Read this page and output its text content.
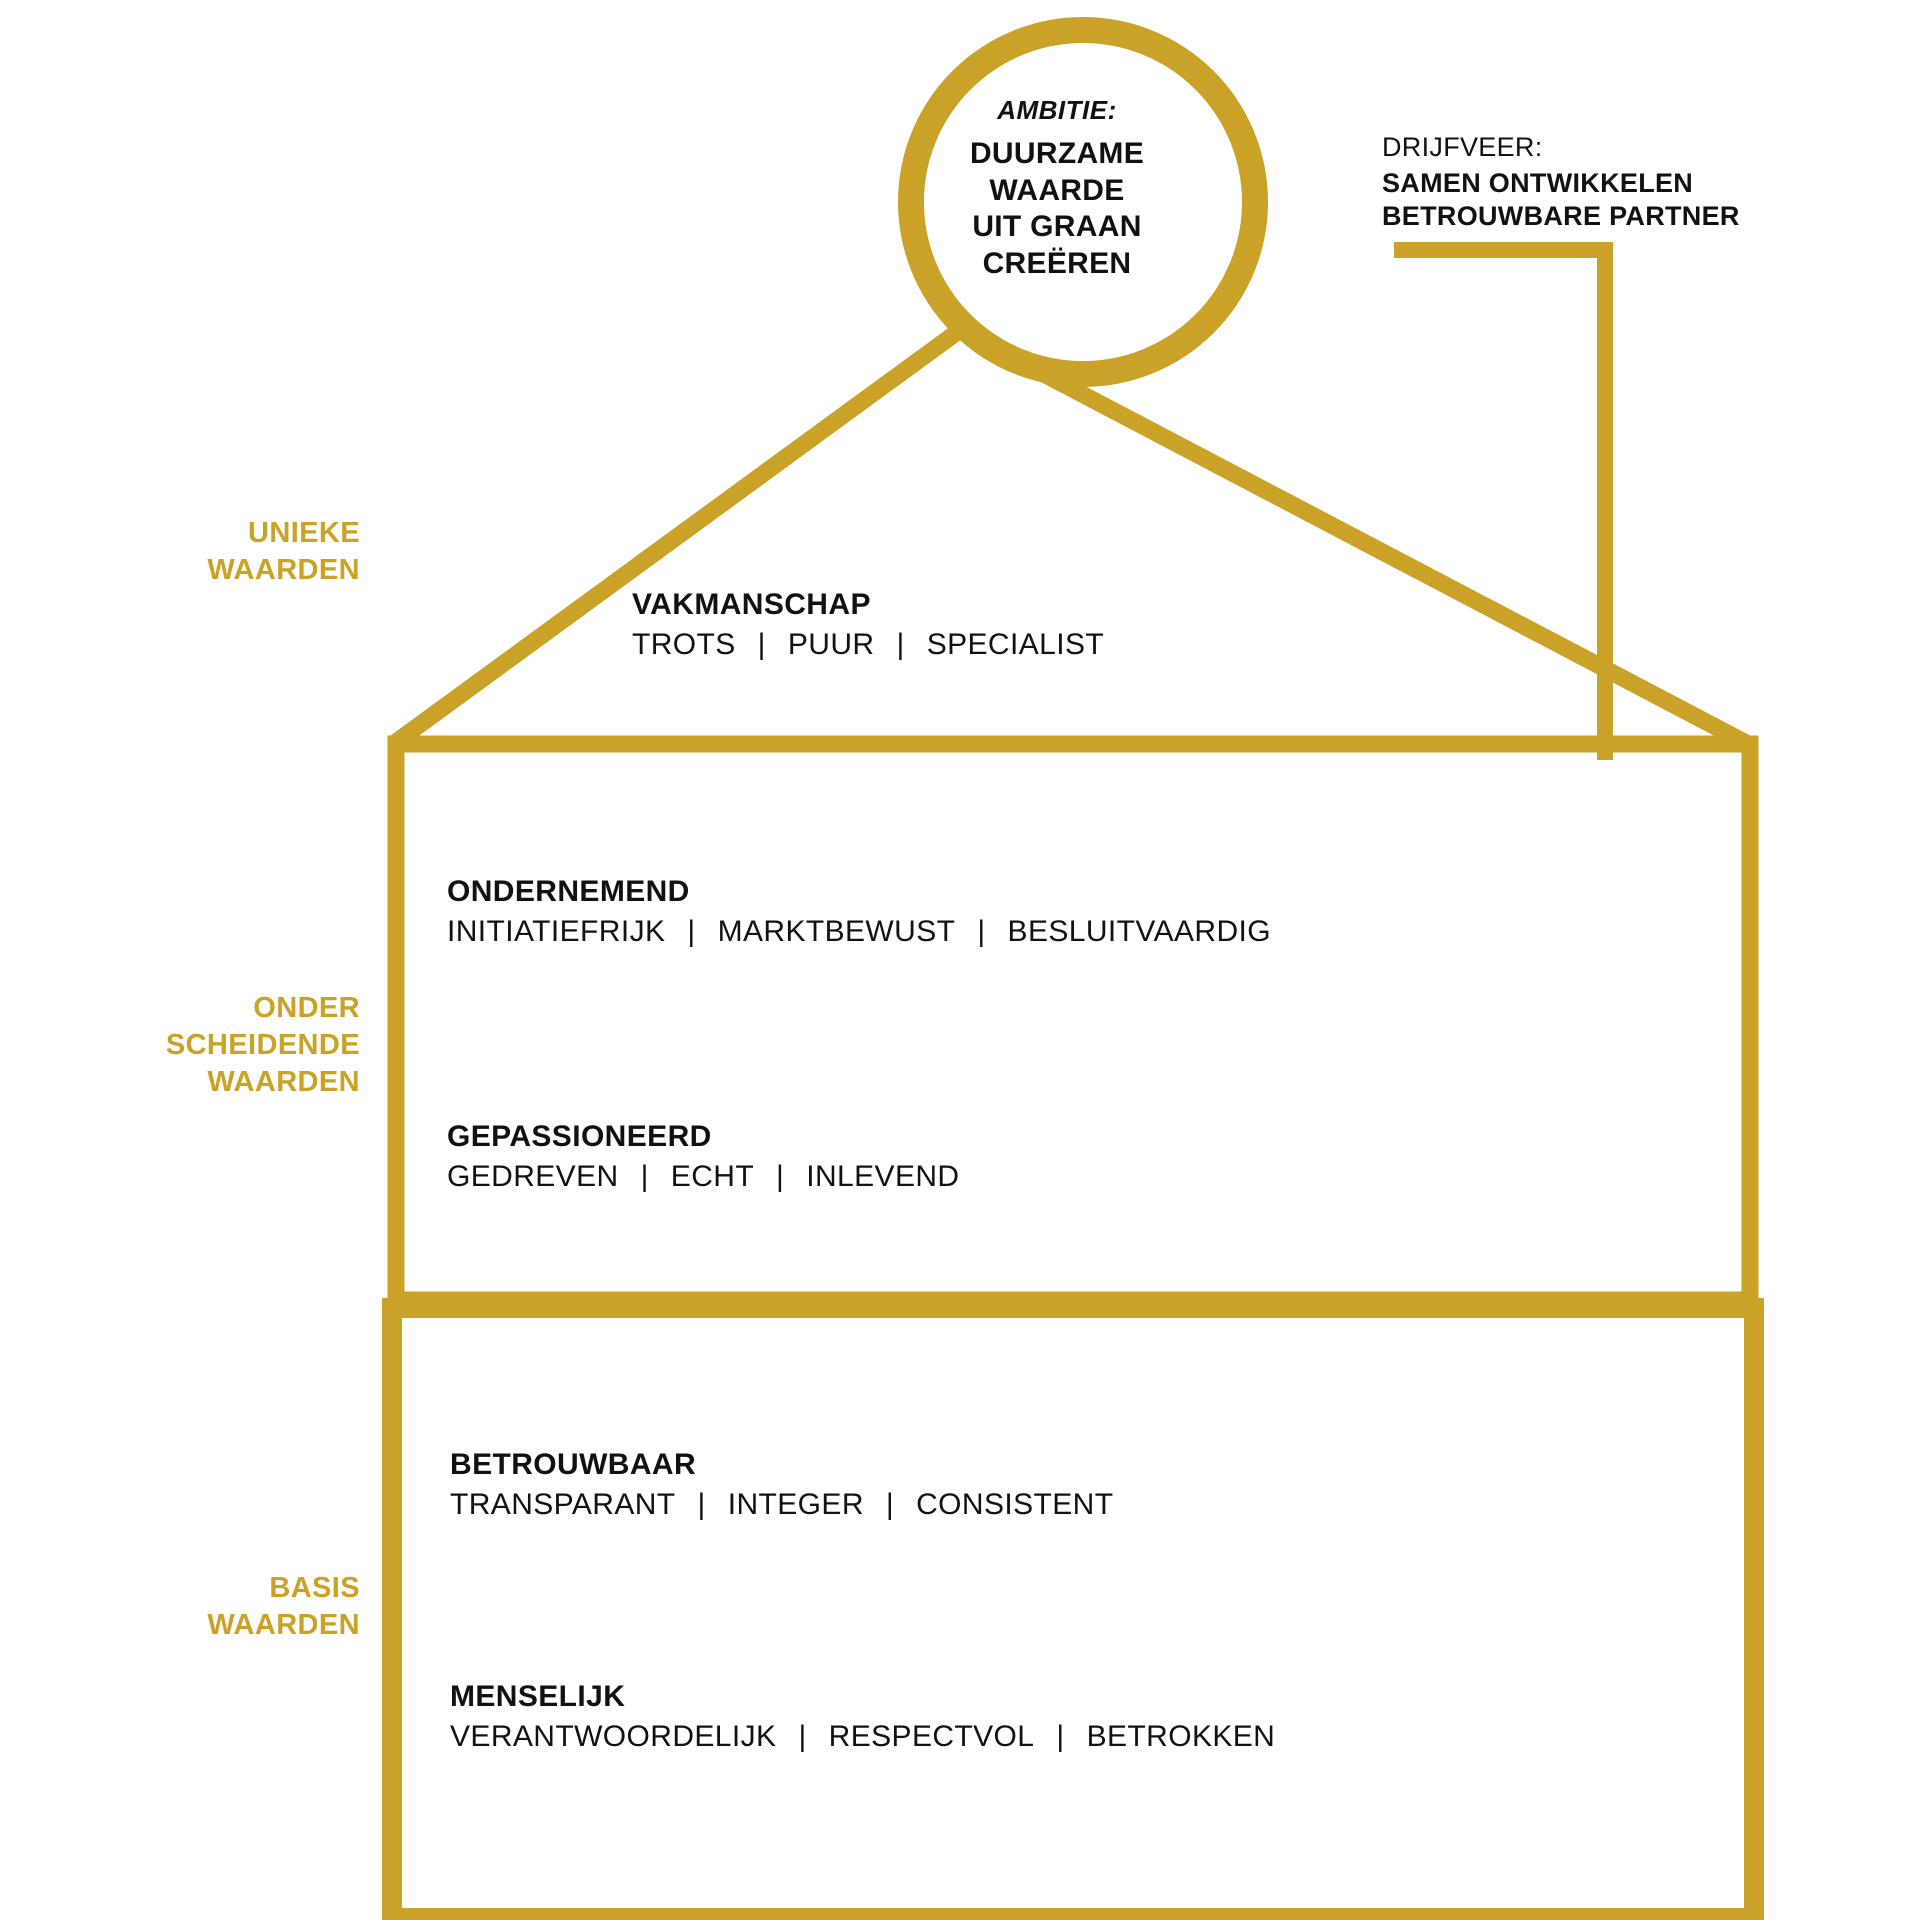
AMBITIE:
DUURZAME
WAARDE
UIT GRAAN
CREËREN
DRIJFVEER:
SAMEN ONTWIKKELEN
BETROUWBARE PARTNER
UNIEKE
WAARDEN
ONDER
SCHEIDENDE
WAARDEN
BASIS
WAARDEN
VAKMANSCHAP
TROTS | PUUR | SPECIALIST
ONDERNEMEND
INITIATIEFRIJK | MARKTBEWUST | BESLUITVAARDIG
GEPASSIONEERD
GEDREVEN | ECHT | INLEVEND
BETROUWBAAR
TRANSPARANT | INTEGER | CONSISTENT
MENSELIJK
VERANTWOORDELIJK | RESPECTVOL | BETROKKEN
